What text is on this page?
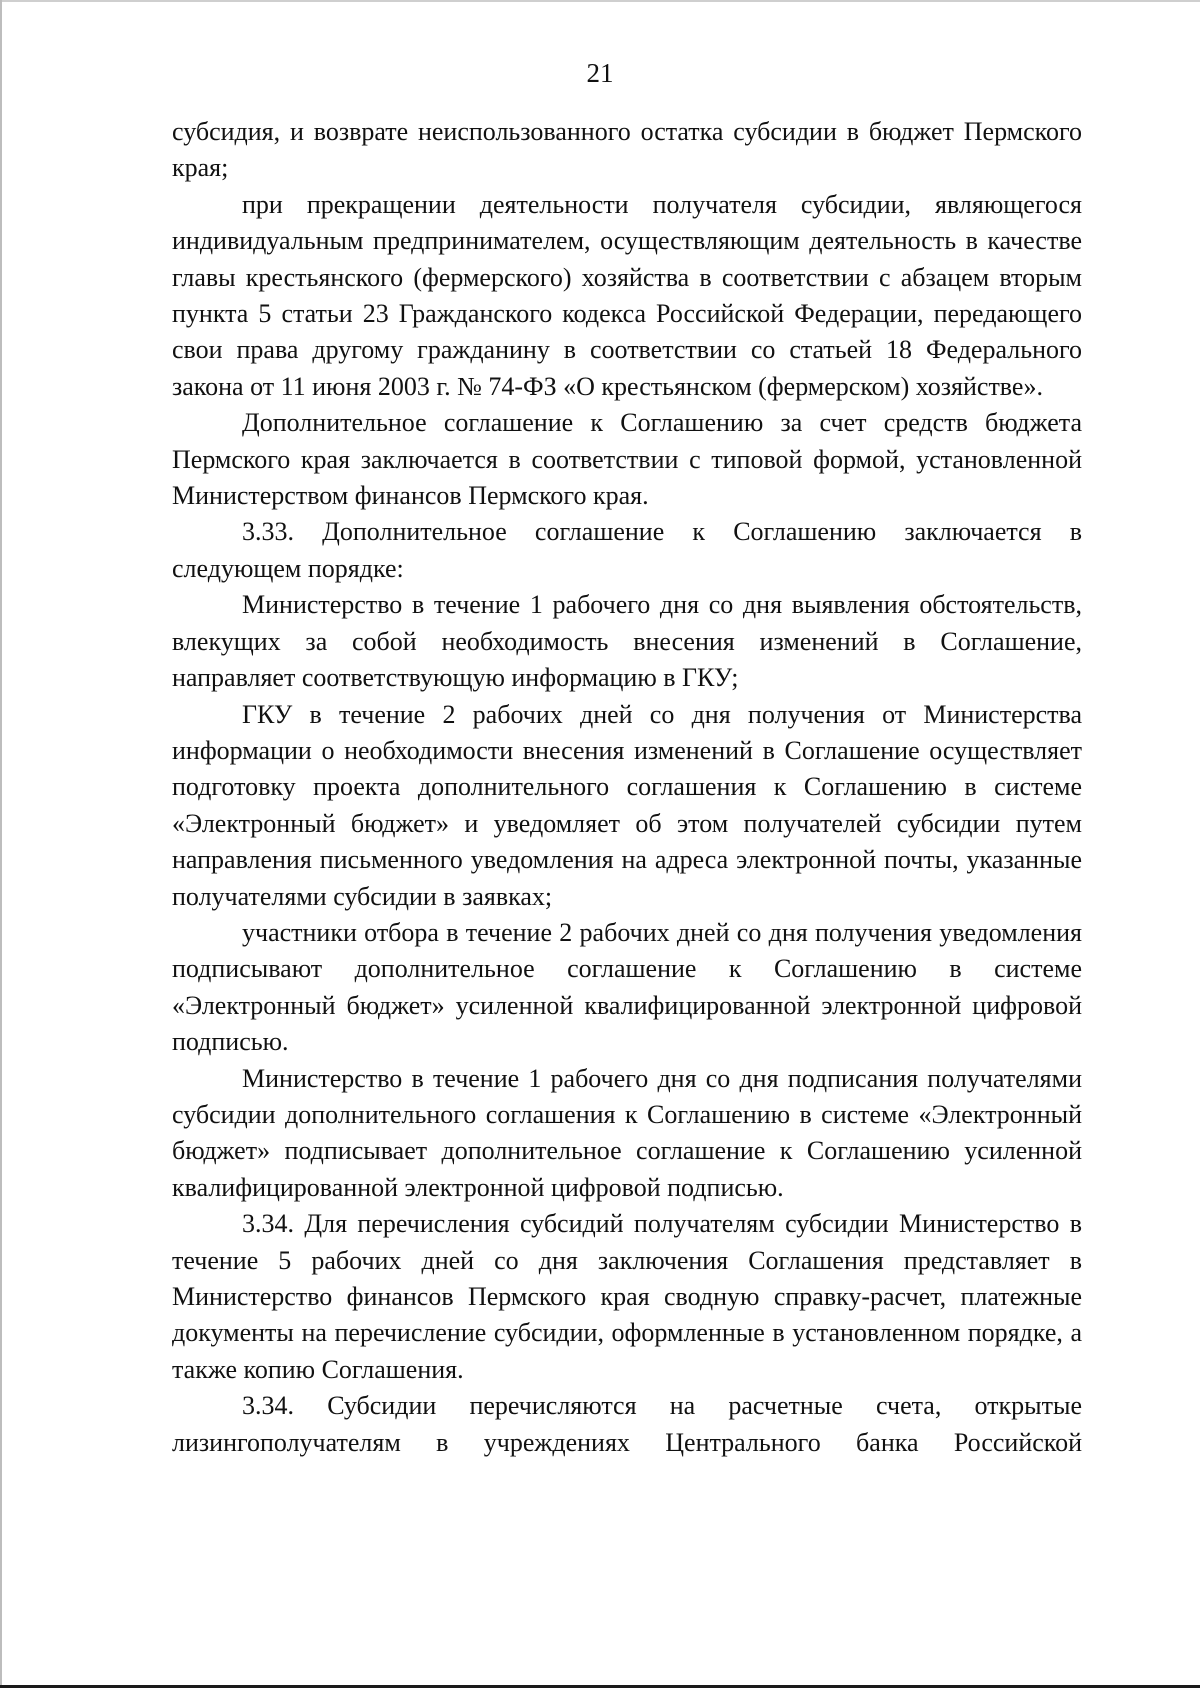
21

субсидия, и возврате неиспользованного остатка субсидии в бюджет Пермского края;

при прекращении деятельности получателя субсидии, являющегося индивидуальным предпринимателем, осуществляющим деятельность в качестве главы крестьянского (фермерского) хозяйства в соответствии с абзацем вторым пункта 5 статьи 23 Гражданского кодекса Российской Федерации, передающего свои права другому гражданину в соответствии со статьей 18 Федерального закона от 11 июня 2003 г. № 74-ФЗ «О крестьянском (фермерском) хозяйстве».

Дополнительное соглашение к Соглашению за счет средств бюджета Пермского края заключается в соответствии с типовой формой, установленной Министерством финансов Пермского края.

3.33. Дополнительное соглашение к Соглашению заключается в следующем порядке:

Министерство в течение 1 рабочего дня со дня выявления обстоятельств, влекущих за собой необходимость внесения изменений в Соглашение, направляет соответствующую информацию в ГКУ;

ГКУ в течение 2 рабочих дней со дня получения от Министерства информации о необходимости внесения изменений в Соглашение осуществляет подготовку проекта дополнительного соглашения к Соглашению в системе «Электронный бюджет» и уведомляет об этом получателей субсидии путем направления письменного уведомления на адреса электронной почты, указанные получателями субсидии в заявках;

участники отбора в течение 2 рабочих дней со дня получения уведомления подписывают дополнительное соглашение к Соглашению в системе «Электронный бюджет» усиленной квалифицированной электронной цифровой подписью.

Министерство в течение 1 рабочего дня со дня подписания получателями субсидии дополнительного соглашения к Соглашению в системе «Электронный бюджет» подписывает дополнительное соглашение к Соглашению усиленной квалифицированной электронной цифровой подписью.

3.34. Для перечисления субсидий получателям субсидии Министерство в течение 5 рабочих дней со дня заключения Соглашения представляет в Министерство финансов Пермского края сводную справку-расчет, платежные документы на перечисление субсидии, оформленные в установленном порядке, а также копию Соглашения.

3.34. Субсидии перечисляются на расчетные счета, открытые лизингополучателям в учреждениях Центрального банка Российской
